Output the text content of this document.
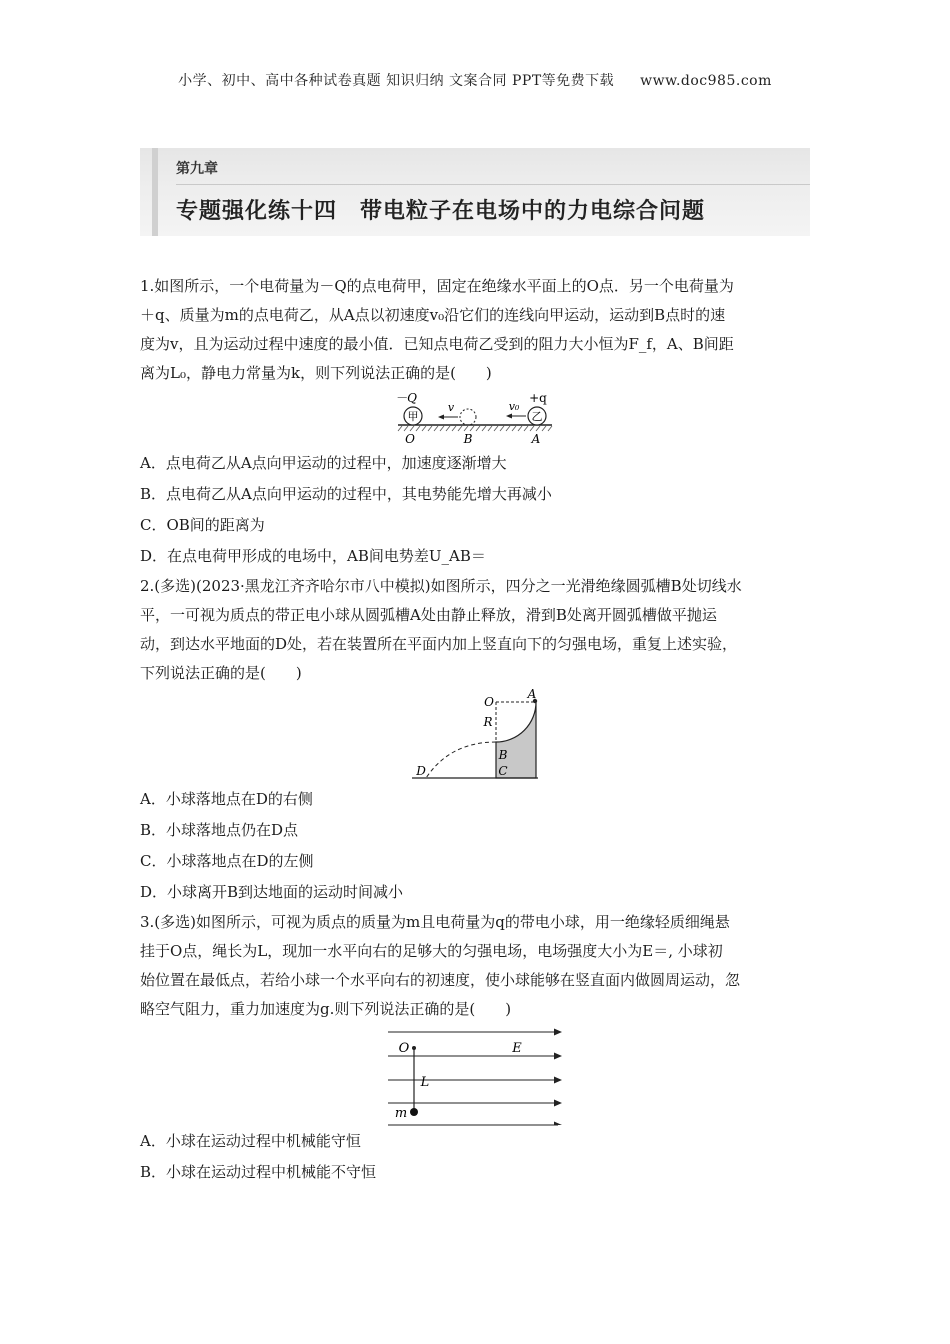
小学、初中、高中各种试卷真题 知识归纳 文案合同 PPT等免费下载 www.doc985.com
第九章
专题强化练十四　带电粒子在电场中的力电综合问题

1.如图所示，一个电荷量为－Q的点电荷甲，固定在绝缘水平面上的O点．另一个电荷量为

＋q、质量为m的点电荷乙，从A点以初速度v₀沿它们的连线向甲运动，运动到B点时的速

度为v，且为运动过程中速度的最小值．已知点电荷乙受到的阻力大小恒为F_f，A、B间距

离为L₀，静电力常量为k，则下列说法正确的是(　　)

甲
－Q
v
乙
+q
v₀
O	B	A

A．点电荷乙从A点向甲运动的过程中，加速度逐渐增大

B．点电荷乙从A点向甲运动的过程中，其电势能先增大再减小

C．OB间的距离为

D．在点电荷甲形成的电场中，AB间电势差U_AB＝

2.(多选)(2023·黑龙江齐齐哈尔市八中模拟)如图所示，四分之一光滑绝缘圆弧槽B处切线水

平，一可视为质点的带正电小球从圆弧槽A处由静止释放，滑到B处离开圆弧槽做平抛运

动，到达水平地面的D处，若在装置所在平面内加上竖直向下的匀强电场，重复上述实验，

下列说法正确的是(　　)

O
A
R
B
C
D

A．小球落地点在D的右侧

B．小球落地点仍在D点

C．小球落地点在D的左侧

D．小球离开B到达地面的运动时间减小

3.(多选)如图所示，可视为质点的质量为m且电荷量为q的带电小球，用一绝缘轻质细绳悬

挂于O点，绳长为L，现加一水平向右的足够大的匀强电场，电场强度大小为E＝, 小球初

始位置在最低点，若给小球一个水平向右的初速度，使小球能够在竖直面内做圆周运动，忽

略空气阻力，重力加速度为g.则下列说法正确的是(　　)

O	E
L
m

A．小球在运动过程中机械能守恒

B．小球在运动过程中机械能不守恒
